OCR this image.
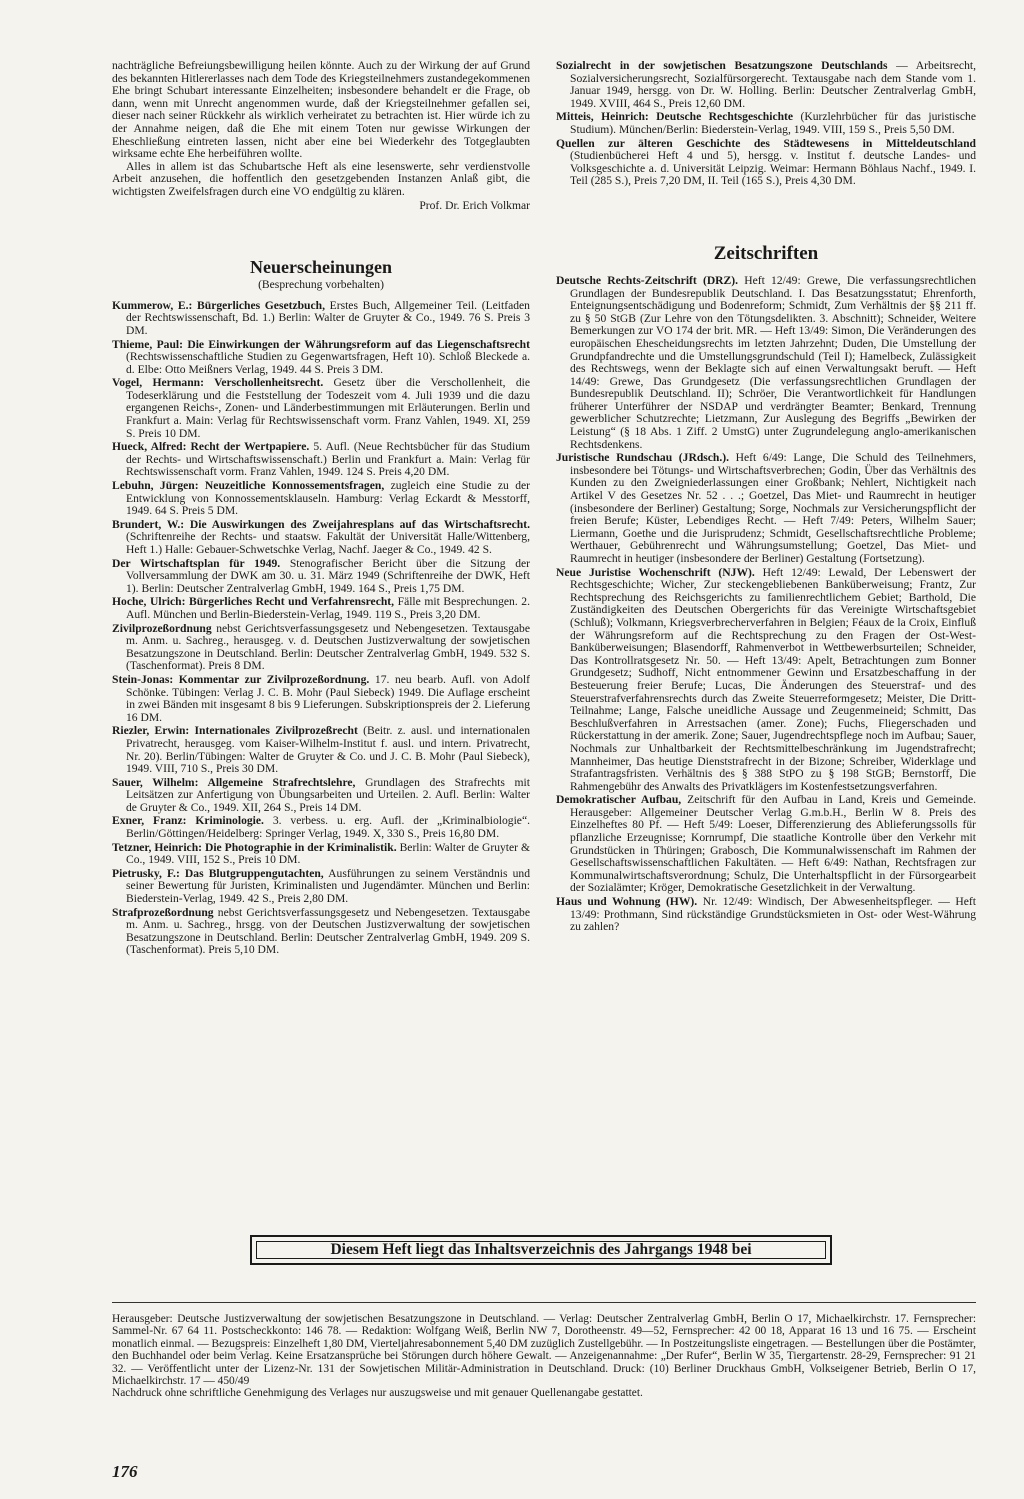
nachträgliche Befreiungsbewilligung heilen könnte. Auch zu der Wirkung der auf Grund des bekannten Hitlererlasses nach dem Tode des Kriegsteilnehmers zustandegekommenen Ehe bringt Schubart interessante Einzelheiten; insbesondere behandelt er die Frage, ob dann, wenn mit Unrecht angenommen wurde, daß der Kriegsteilnehmer gefallen sei, dieser nach seiner Rückkehr als wirklich verheiratet zu betrachten ist. Hier würde ich zu der Annahme neigen, daß die Ehe mit einem Toten nur gewisse Wirkungen der Eheschließung eintreten lassen, nicht aber eine bei Wiederkehr des Totgeglaubten wirksame echte Ehe herbeiführen wollte.

Alles in allem ist das Schubartsche Heft als eine lesenswerte, sehr verdienstvolle Arbeit anzusehen, die hoffentlich den gesetzgebenden Instanzen Anlaß gibt, die wichtigsten Zweifelsfragen durch eine VO endgültig zu klären.

Prof. Dr. Erich Volkmar
Neuerscheinungen
(Besprechung vorbehalten)

Kummerow, E.: Bürgerliches Gesetzbuch, Erstes Buch, Allgemeiner Teil. (Leitfaden der Rechtswissenschaft, Bd. 1.) Berlin: Walter de Gruyter & Co., 1949. 76 S. Preis 3 DM.

Thieme, Paul: Die Einwirkungen der Währungsreform auf das Liegenschaftsrecht (Rechtswissenschaftliche Studien zu Gegenwartsfragen, Heft 10). Schloß Bleckede a. d. Elbe: Otto Meißners Verlag, 1949. 44 S. Preis 3 DM.

Vogel, Hermann: Verschollenheitsrecht. Gesetz über die Verschollenheit, die Todeserklärung und die Feststellung der Todeszeit vom 4. Juli 1939 und die dazu ergangenen Reichs-, Zonen- und Länderbestimmungen mit Erläuterungen. Berlin und Frankfurt a. Main: Verlag für Rechtswissenschaft vorm. Franz Vahlen, 1949. XI, 259 S. Preis 10 DM.

Hueck, Alfred: Recht der Wertpapiere. 5. Aufl. (Neue Rechtsbücher für das Studium der Rechts- und Wirtschaftswissenschaft.) Berlin und Frankfurt a. Main: Verlag für Rechtswissenschaft vorm. Franz Vahlen, 1949. 124 S. Preis 4,20 DM.

Lebuhn, Jürgen: Neuzeitliche Konnossementsfragen, zugleich eine Studie zu der Entwicklung von Konnossementsklauseln. Hamburg: Verlag Eckardt & Messtorff, 1949. 64 S. Preis 5 DM.

Brundert, W.: Die Auswirkungen des Zweijahresplans auf das Wirtschaftsrecht. (Schriftenreihe der Rechts- und staatsw. Fakultät der Universität Halle/Wittenberg, Heft 1.) Halle: Gebauer-Schwetschke Verlag, Nachf. Jaeger & Co., 1949. 42 S.

Der Wirtschaftsplan für 1949. Stenografischer Bericht über die Sitzung der Vollversammlung der DWK am 30. u. 31. März 1949 (Schriftenreihe der DWK, Heft 1). Berlin: Deutscher Zentralverlag GmbH, 1949. 164 S., Preis 1,75 DM.

Hoche, Ulrich: Bürgerliches Recht und Verfahrensrecht, Fälle mit Besprechungen. 2. Aufl. München und Berlin-Biederstein-Verlag, 1949. 119 S., Preis 3,20 DM.

Zivilprozeßordnung nebst Gerichtsverfassungsgesetz und Nebengesetzen. Textausgabe m. Anm. u. Sachreg., herausgeg. v. d. Deutschen Justizverwaltung der sowjetischen Besatzungszone in Deutschland. Berlin: Deutscher Zentralverlag GmbH, 1949. 532 S. (Taschenformat). Preis 8 DM.

Stein-Jonas: Kommentar zur Zivilprozeßordnung. 17. neu bearb. Aufl. von Adolf Schönke. Tübingen: Verlag J. C. B. Mohr (Paul Siebeck) 1949. Die Auflage erscheint in zwei Bänden mit insgesamt 8 bis 9 Lieferungen. Subskriptionspreis der 2. Lieferung 16 DM.

Riezler, Erwin: Internationales Zivilprozeßrecht (Beitr. z. ausl. und internationalen Privatrecht, herausgeg. vom Kaiser-Wilhelm-Institut f. ausl. und intern. Privatrecht, Nr. 20). Berlin/Tübingen: Walter de Gruyter & Co. und J. C. B. Mohr (Paul Siebeck), 1949. VIII, 710 S., Preis 30 DM.

Sauer, Wilhelm: Allgemeine Strafrechtslehre, Grundlagen des Strafrechts mit Leitsätzen zur Anfertigung von Übungsarbeiten und Urteilen. 2. Aufl. Berlin: Walter de Gruyter & Co., 1949. XII, 264 S., Preis 14 DM.

Exner, Franz: Kriminologie. 3. verbess. u. erg. Aufl. der „Kriminalbiologie“. Berlin/Göttingen/Heidelberg: Springer Verlag, 1949. X, 330 S., Preis 16,80 DM.

Tetzner, Heinrich: Die Photographie in der Kriminalistik. Berlin: Walter de Gruyter & Co., 1949. VIII, 152 S., Preis 10 DM.

Pietrusky, F.: Das Blutgruppengutachten, Ausführungen zu seinem Verständnis und seiner Bewertung für Juristen, Kriminalisten und Jugendämter. München und Berlin: Biederstein-Verlag, 1949. 42 S., Preis 2,80 DM.

Strafprozeßordnung nebst Gerichtsverfassungsgesetz und Nebengesetzen. Textausgabe m. Anm. u. Sachreg., hrsgg. von der Deutschen Justizverwaltung der sowjetischen Besatzungszone in Deutschland. Berlin: Deutscher Zentralverlag GmbH, 1949. 209 S. (Taschenformat). Preis 5,10 DM.

Sozialrecht in der sowjetischen Besatzungszone Deutschlands — Arbeitsrecht, Sozialversicherungsrecht, Sozialfürsorgerecht. Textausgabe nach dem Stande vom 1. Januar 1949, hersgg. von Dr. W. Holling. Berlin: Deutscher Zentralverlag GmbH, 1949. XVIII, 464 S., Preis 12,60 DM.

Mitteis, Heinrich: Deutsche Rechtsgeschichte (Kurzlehrbücher für das juristische Studium). München/Berlin: Biederstein-Verlag, 1949. VIII, 159 S., Preis 5,50 DM.

Quellen zur älteren Geschichte des Städtewesens in Mitteldeutschland (Studienbücherei Heft 4 und 5), hersgg. v. Institut f. deutsche Landes- und Volksgeschichte a. d. Universität Leipzig. Weimar: Hermann Böhlaus Nachf., 1949. I. Teil (285 S.), Preis 7,20 DM, II. Teil (165 S.), Preis 4,30 DM.

Zeitschriften

Deutsche Rechts-Zeitschrift (DRZ). Heft 12/49: Grewe, Die verfassungsrechtlichen Grundlagen der Bundesrepublik Deutschland. I. Das Besatzungsstatut; Ehrenforth, Enteignungsentschädigung und Bodenreform; Schmidt, Zum Verhältnis der §§ 211 ff. zu § 50 StGB (Zur Lehre von den Tötungsdelikten. 3. Abschnitt); Schneider, Weitere Bemerkungen zur VO 174 der brit. MR. — Heft 13/49: Simon, Die Veränderungen des europäischen Ehescheidungsrechts im letzten Jahrzehnt; Duden, Die Umstellung der Grundpfandrechte und die Umstellungsgrundschuld (Teil I); Hamelbeck, Zulässigkeit des Rechtswegs, wenn der Beklagte sich auf einen Verwaltungsakt beruft. — Heft 14/49: Grewe, Das Grundgesetz (Die verfassungsrechtlichen Grundlagen der Bundesrepublik Deutschland. II); Schröer, Die Verantwortlichkeit für Handlungen früherer Unterführer der NSDAP und verdrängter Beamter; Benkard, Trennung gewerblicher Schutzrechte; Lietzmann, Zur Auslegung des Begriffs „Bewirken der Leistung“ (§ 18 Abs. 1 Ziff. 2 UmstG) unter Zugrundelegung anglo-amerikanischen Rechtsdenkens.

Juristische Rundschau (JRdsch.). Heft 6/49: Lange, Die Schuld des Teilnehmers, insbesondere bei Tötungs- und Wirtschaftsverbrechen; Godin, Über das Verhältnis des Kunden zu den Zweigniederlassungen einer Großbank; Nehlert, Nichtigkeit nach Artikel V des Gesetzes Nr. 52 . . .; Goetzel, Das Miet- und Raumrecht in heutiger (insbesondere der Berliner) Gestaltung; Sorge, Nochmals zur Versicherungspflicht der freien Berufe; Küster, Lebendiges Recht. — Heft 7/49: Peters, Wilhelm Sauer; Liermann, Goethe und die Jurisprudenz; Schmidt, Gesellschaftsrechtliche Probleme; Werthauer, Gebührenrecht und Währungsumstellung; Goetzel, Das Miet- und Raumrecht in heutiger (insbesondere der Berliner) Gestaltung (Fortsetzung).

Neue Juristise Wochenschrift (NJW). Heft 12/49: Lewald, Der Lebenswert der Rechtsgeschichte; Wicher, Zur steckengebliebenen Banküberweisung; Frantz, Zur Rechtsprechung des Reichsgerichts zu familienrechtlichem Gebiet; Barthold, Die Zuständigkeiten des Deutschen Obergerichts für das Vereinigte Wirtschaftsgebiet (Schluß); Volkmann, Kriegsverbrecherverfahren in Belgien; Féaux de la Croix, Einfluß der Währungsreform auf die Rechtsprechung zu den Fragen der Ost-West-Banküberweisungen; Blasendorff, Rahmenverbot in Wettbewerbsurteilen; Schneider, Das Kontrollratsgesetz Nr. 50. — Heft 13/49: Apelt, Betrachtungen zum Bonner Grundgesetz; Sudhoff, Nicht entnommener Gewinn und Ersatzbeschaffung in der Besteuerung freier Berufe; Lucas, Die Änderungen des Steuerstraf- und des Steuerstrafverfahrensrechts durch das Zweite Steuerreformgesetz; Meister, Die Dritt-Teilnahme; Lange, Falsche uneidliche Aussage und Zeugenmeineid; Schmitt, Das Beschlußverfahren in Arrestsachen (amer. Zone); Fuchs, Fliegerschaden und Rückerstattung in der amerik. Zone; Sauer, Jugendrechtspflege noch im Aufbau; Sauer, Nochmals zur Unhaltbarkeit der Rechtsmittelbeschränkung im Jugendstrafrecht; Mannheimer, Das heutige Dienststrafrecht in der Bizone; Schreiber, Widerklage und Strafantragsfristen. Verhältnis des § 388 StPO zu § 198 StGB; Bernstorff, Die Rahmengebühr des Anwalts des Privatklägers im Kostenfestsetzungsverfahren.

Demokratischer Aufbau, Zeitschrift für den Aufbau in Land, Kreis und Gemeinde. Herausgeber: Allgemeiner Deutscher Verlag G.m.b.H., Berlin W 8. Preis des Einzelheftes 80 Pf. — Heft 5/49: Loeser, Differenzierung des Ablieferungssolls für pflanzliche Erzeugnisse; Kornrumpf, Die staatliche Kontrolle über den Verkehr mit Grundstücken in Thüringen; Grabosch, Die Kommunalwissenschaft im Rahmen der Gesellschaftswissenschaftlichen Fakultäten. — Heft 6/49: Nathan, Rechtsfragen zur Kommunalwirtschaftsverordnung; Schulz, Die Unterhaltspflicht in der Fürsorgearbeit der Sozialämter; Kröger, Demokratische Gesetzlichkeit in der Verwaltung.

Haus und Wohnung (HW). Nr. 12/49: Windisch, Der Abwesenheitspfleger. — Heft 13/49: Prothmann, Sind rückständige Grundstücksmieten in Ost- oder West-Währung zu zahlen?

Diesem Heft liegt das Inhaltsverzeichnis des Jahrgangs 1948 bei

Herausgeber: Deutsche Justizverwaltung der sowjetischen Besatzungszone in Deutschland. — Verlag: Deutscher Zentralverlag GmbH, Berlin O 17, Michaelkirchstr. 17. Fernsprecher: Sammel-Nr. 67 64 11. Postscheckkonto: 146 78. — Redaktion: Wolfgang Weiß, Berlin NW 7, Dorotheenstr. 49—52, Fernsprecher: 42 00 18, Apparat 16 13 und 16 75. — Erscheint monatlich einmal. — Bezugspreis: Einzelheft 1,80 DM, Vierteljahresabonnement 5,40 DM zuzüglich Zustellgebühr. — In Postzeitungsliste eingetragen. — Bestellungen über die Postämter, den Buchhandel oder beim Verlag. Keine Ersatzansprüche bei Störungen durch höhere Gewalt. — Anzeigenannahme: „Der Rufer“, Berlin W 35, Tiergartenstr. 28-29, Fernsprecher: 91 21 32. — Veröffentlicht unter der Lizenz-Nr. 131 der Sowjetischen Militär-Administration in Deutschland. Druck: (10) Berliner Druckhaus GmbH, Volkseigener Betrieb, Berlin O 17, Michaelkirchstr. 17 — 450/49

Nachdruck ohne schriftliche Genehmigung des Verlages nur auszugsweise und mit genauer Quellenangabe gestattet.

176
